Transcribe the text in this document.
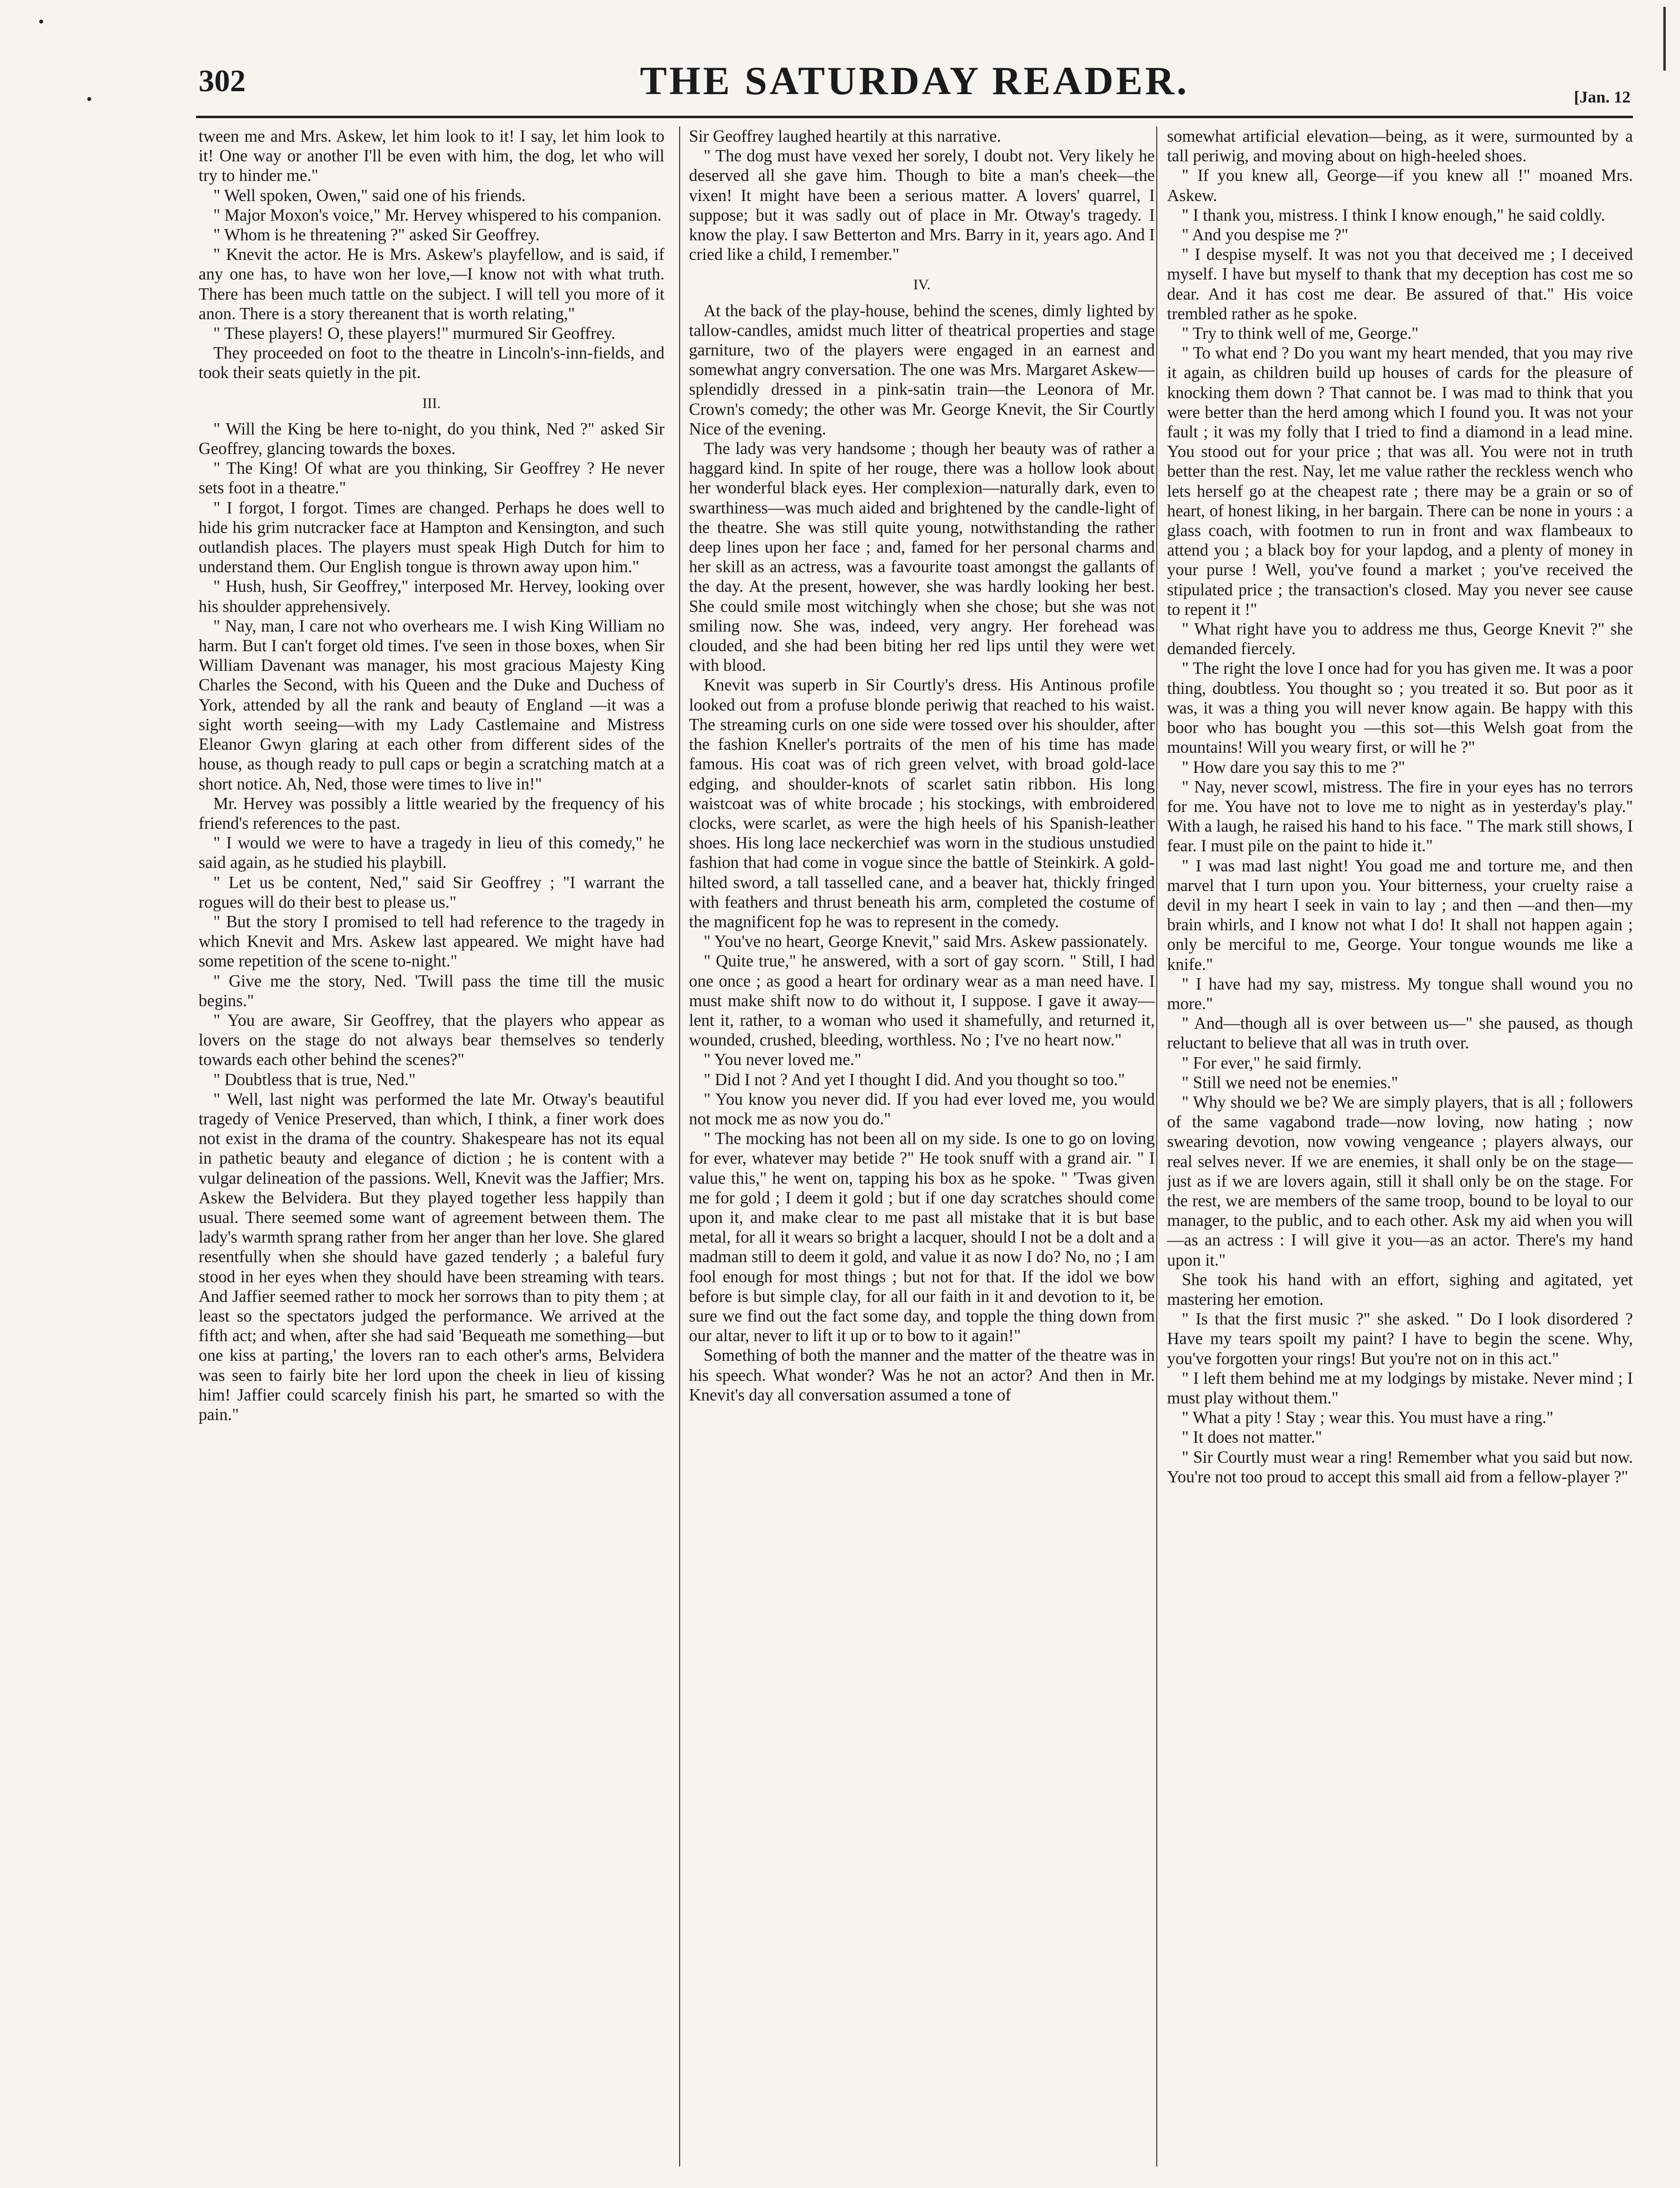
302	THE SATURDAY READER.	[Jan. 12

tween me and Mrs. Askew, let him look to it! I say, let him look to it! One way or another I'll be even with him, the dog, let who will try to hinder me."

" Well spoken, Owen," said one of his friends.

" Major Moxon's voice," Mr. Hervey whispered to his companion.

" Whom is he threatening ?" asked Sir Geoffrey.

" Knevit the actor. He is Mrs. Askew's playfellow, and is said, if any one has, to have won her love,—I know not with what truth. There has been much tattle on the subject. I will tell you more of it anon. There is a story thereanent that is worth relating,"

" These players! O, these players!" murmured Sir Geoffrey.

They proceeded on foot to the theatre in Lincoln's-inn-fields, and took their seats quietly in the pit.

III.

" Will the King be here to-night, do you think, Ned ?" asked Sir Geoffrey, glancing towards the boxes.

" The King! Of what are you thinking, Sir Geoffrey ? He never sets foot in a theatre."

" I forgot, I forgot. Times are changed. Perhaps he does well to hide his grim nutcracker face at Hampton and Kensington, and such outlandish places. The players must speak High Dutch for him to understand them. Our English tongue is thrown away upon him."

" Hush, hush, Sir Geoffrey," interposed Mr. Hervey, looking over his shoulder apprehensively.

" Nay, man, I care not who overhears me. I wish King William no harm. But I can't forget old times. I've seen in those boxes, when Sir William Davenant was manager, his most gracious Majesty King Charles the Second, with his Queen and the Duke and Duchess of York, attended by all the rank and beauty of England —it was a sight worth seeing—with my Lady Castlemaine and Mistress Eleanor Gwyn glaring at each other from different sides of the house, as though ready to pull caps or begin a scratching match at a short notice. Ah, Ned, those were times to live in!"

Mr. Hervey was possibly a little wearied by the frequency of his friend's references to the past.

" I would we were to have a tragedy in lieu of this comedy," he said again, as he studied his playbill.

" Let us be content, Ned," said Sir Geoffrey ; "I warrant the rogues will do their best to please us."

" But the story I promised to tell had reference to the tragedy in which Knevit and Mrs. Askew last appeared. We might have had some repetition of the scene to-night."

" Give me the story, Ned. 'Twill pass the time till the music begins."

" You are aware, Sir Geoffrey, that the players who appear as lovers on the stage do not always bear themselves so tenderly towards each other behind the scenes?"

" Doubtless that is true, Ned."

" Well, last night was performed the late Mr. Otway's beautiful tragedy of Venice Preserved, than which, I think, a finer work does not exist in the drama of the country. Shakespeare has not its equal in pathetic beauty and elegance of diction ; he is content with a vulgar delineation of the passions. Well, Knevit was the Jaffier; Mrs. Askew the Belvidera. But they played together less happily than usual. There seemed some want of agreement between them. The lady's warmth sprang rather from her anger than her love. She glared resentfully when she should have gazed tenderly ; a baleful fury stood in her eyes when they should have been streaming with tears. And Jaffier seemed rather to mock her sorrows than to pity them ; at least so the spectators judged the performance. We arrived at the fifth act; and when, after she had said 'Bequeath me something—but one kiss at parting,' the lovers ran to each other's arms, Belvidera was seen to fairly bite her lord upon the cheek in lieu of kissing him! Jaffier could scarcely finish his part, he smarted so with the pain."

Sir Geoffrey laughed heartily at this narrative.

" The dog must have vexed her sorely, I doubt not. Very likely he deserved all she gave him. Though to bite a man's cheek—the vixen! It might have been a serious matter. A lovers' quarrel, I suppose; but it was sadly out of place in Mr. Otway's tragedy. I know the play. I saw Betterton and Mrs. Barry in it, years ago. And I cried like a child, I remember."

IV.

At the back of the play-house, behind the scenes, dimly lighted by tallow-candles, amidst much litter of theatrical properties and stage garniture, two of the players were engaged in an earnest and somewhat angry conversation. The one was Mrs. Margaret Askew—splendidly dressed in a pink-satin train—the Leonora of Mr. Crown's comedy; the other was Mr. George Knevit, the Sir Courtly Nice of the evening.

The lady was very handsome ; though her beauty was of rather a haggard kind. In spite of her rouge, there was a hollow look about her wonderful black eyes. Her complexion—naturally dark, even to swarthiness—was much aided and brightened by the candle-light of the theatre. She was still quite young, notwithstanding the rather deep lines upon her face ; and, famed for her personal charms and her skill as an actress, was a favourite toast amongst the gallants of the day. At the present, however, she was hardly looking her best. She could smile most witchingly when she chose; but she was not smiling now. She was, indeed, very angry. Her forehead was clouded, and she had been biting her red lips until they were wet with blood.

Knevit was superb in Sir Courtly's dress. His Antinous profile looked out from a profuse blonde periwig that reached to his waist. The streaming curls on one side were tossed over his shoulder, after the fashion Kneller's portraits of the men of his time has made famous. His coat was of rich green velvet, with broad gold-lace edging, and shoulder-knots of scarlet satin ribbon. His long waistcoat was of white brocade ; his stockings, with embroidered clocks, were scarlet, as were the high heels of his Spanish-leather shoes. His long lace neckerchief was worn in the studious unstudied fashion that had come in vogue since the battle of Steinkirk. A gold-hilted sword, a tall tasselled cane, and a beaver hat, thickly fringed with feathers and thrust beneath his arm, completed the costume of the magnificent fop he was to represent in the comedy.

" You've no heart, George Knevit," said Mrs. Askew passionately.

" Quite true," he answered, with a sort of gay scorn. " Still, I had one once ; as good a heart for ordinary wear as a man need have. I must make shift now to do without it, I suppose. I gave it away—lent it, rather, to a woman who used it shamefully, and returned it, wounded, crushed, bleeding, worthless. No ; I've no heart now."

" You never loved me."

" Did I not ? And yet I thought I did. And you thought so too."

" You know you never did. If you had ever loved me, you would not mock me as now you do."

" The mocking has not been all on my side. Is one to go on loving for ever, whatever may betide ?" He took snuff with a grand air. " I value this," he went on, tapping his box as he spoke. " 'Twas given me for gold ; I deem it gold ; but if one day scratches should come upon it, and make clear to me past all mistake that it is but base metal, for all it wears so bright a lacquer, should I not be a dolt and a madman still to deem it gold, and value it as now I do? No, no ; I am fool enough for most things ; but not for that. If the idol we bow before is but simple clay, for all our faith in it and devotion to it, be sure we find out the fact some day, and topple the thing down from our altar, never to lift it up or to bow to it again!"

Something of both the manner and the matter of the theatre was in his speech. What wonder? Was he not an actor? And then in Mr. Knevit's day all conversation assumed a tone of

somewhat artificial elevation—being, as it were, surmounted by a tall periwig, and moving about on high-heeled shoes.

" If you knew all, George—if you knew all !" moaned Mrs. Askew.

" I thank you, mistress. I think I know enough," he said coldly.

" And you despise me ?"

" I despise myself. It was not you that deceived me ; I deceived myself. I have but myself to thank that my deception has cost me so dear. And it has cost me dear. Be assured of that." His voice trembled rather as he spoke.

" Try to think well of me, George."

" To what end ? Do you want my heart mended, that you may rive it again, as children build up houses of cards for the pleasure of knocking them down ? That cannot be. I was mad to think that you were better than the herd among which I found you. It was not your fault ; it was my folly that I tried to find a diamond in a lead mine. You stood out for your price ; that was all. You were not in truth better than the rest. Nay, let me value rather the reckless wench who lets herself go at the cheapest rate ; there may be a grain or so of heart, of honest liking, in her bargain. There can be none in yours : a glass coach, with footmen to run in front and wax flambeaux to attend you ; a black boy for your lapdog, and a plenty of money in your purse ! Well, you've found a market ; you've received the stipulated price ; the transaction's closed. May you never see cause to repent it !"

" What right have you to address me thus, George Knevit ?" she demanded fiercely.

" The right the love I once had for you has given me. It was a poor thing, doubtless. You thought so ; you treated it so. But poor as it was, it was a thing you will never know again. Be happy with this boor who has bought you —this sot—this Welsh goat from the mountains! Will you weary first, or will he ?"

" How dare you say this to me ?"

" Nay, never scowl, mistress. The fire in your eyes has no terrors for me. You have not to love me to night as in yesterday's play." With a laugh, he raised his hand to his face. " The mark still shows, I fear. I must pile on the paint to hide it."

" I was mad last night! You goad me and torture me, and then marvel that I turn upon you. Your bitterness, your cruelty raise a devil in my heart I seek in vain to lay ; and then —and then—my brain whirls, and I know not what I do! It shall not happen again ; only be merciful to me, George. Your tongue wounds me like a knife."

" I have had my say, mistress. My tongue shall wound you no more."

" And—though all is over between us—" she paused, as though reluctant to believe that all was in truth over.

" For ever," he said firmly.

" Still we need not be enemies."

" Why should we be? We are simply players, that is all ; followers of the same vagabond trade—now loving, now hating ; now swearing devotion, now vowing vengeance ; players always, our real selves never. If we are enemies, it shall only be on the stage—just as if we are lovers again, still it shall only be on the stage. For the rest, we are members of the same troop, bound to be loyal to our manager, to the public, and to each other. Ask my aid when you will—as an actress : I will give it you—as an actor. There's my hand upon it."

She took his hand with an effort, sighing and agitated, yet mastering her emotion.

" Is that the first music ?" she asked. " Do I look disordered ? Have my tears spoilt my paint? I have to begin the scene. Why, you've forgotten your rings! But you're not on in this act."

" I left them behind me at my lodgings by mistake. Never mind ; I must play without them."

" What a pity ! Stay ; wear this. You must have a ring."

" It does not matter."

" Sir Courtly must wear a ring! Remember what you said but now. You're not too proud to accept this small aid from a fellow-player ?"
